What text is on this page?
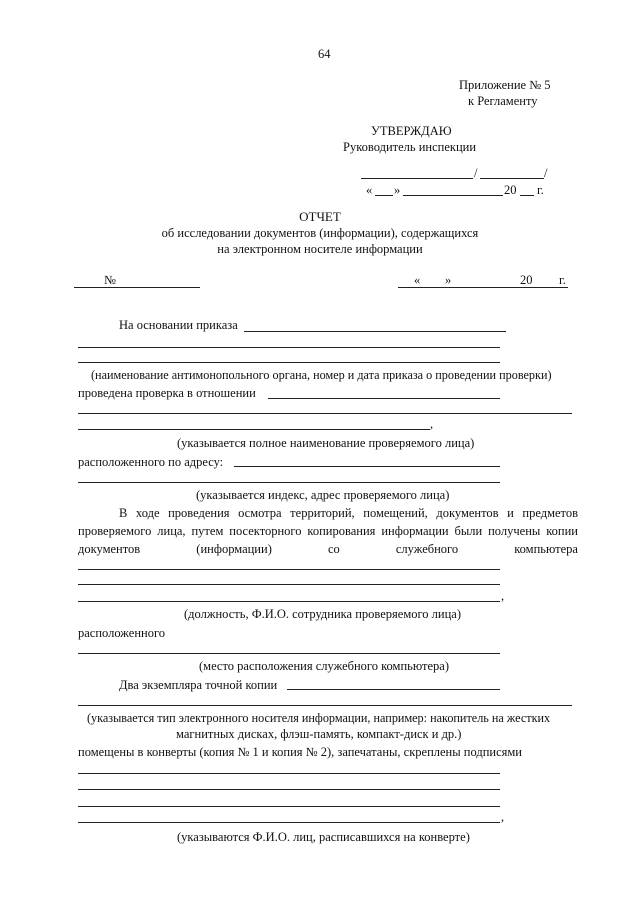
64
Приложение № 5
к Регламенту
УТВЕРЖДАЮ
Руководитель инспекции
/	/
« »	20 г.
ОТЧЕТ
об исследовании документов (информации), содержащихся
на электронном носителе информации
№	« »	20 г.
На основании приказа
(наименование антимонопольного органа, номер и дата приказа о проведении проверки)
проведена проверка в отношении
,
(указывается полное наименование проверяемого лица)
расположенного по адресу:
(указывается индекс, адрес проверяемого лица)
В ходе проведения осмотра территорий, помещений, документов и предметов
проверяемого лица, путем посекторного копирования информации были получены копии
документов	(информации)	со	служебного	компьютера
,
(должность, Ф.И.О. сотрудника проверяемого лица)
расположенного
(место расположения служебного компьютера)
Два экземпляра точной копии
(указывается тип электронного носителя информации, например: накопитель на жестких
магнитных дисках, флэш-память, компакт-диск и др.)
помещены в конверты (копия № 1 и копия № 2), запечатаны, скреплены подписями
,
(указываются Ф.И.О. лиц, расписавшихся на конверте)
